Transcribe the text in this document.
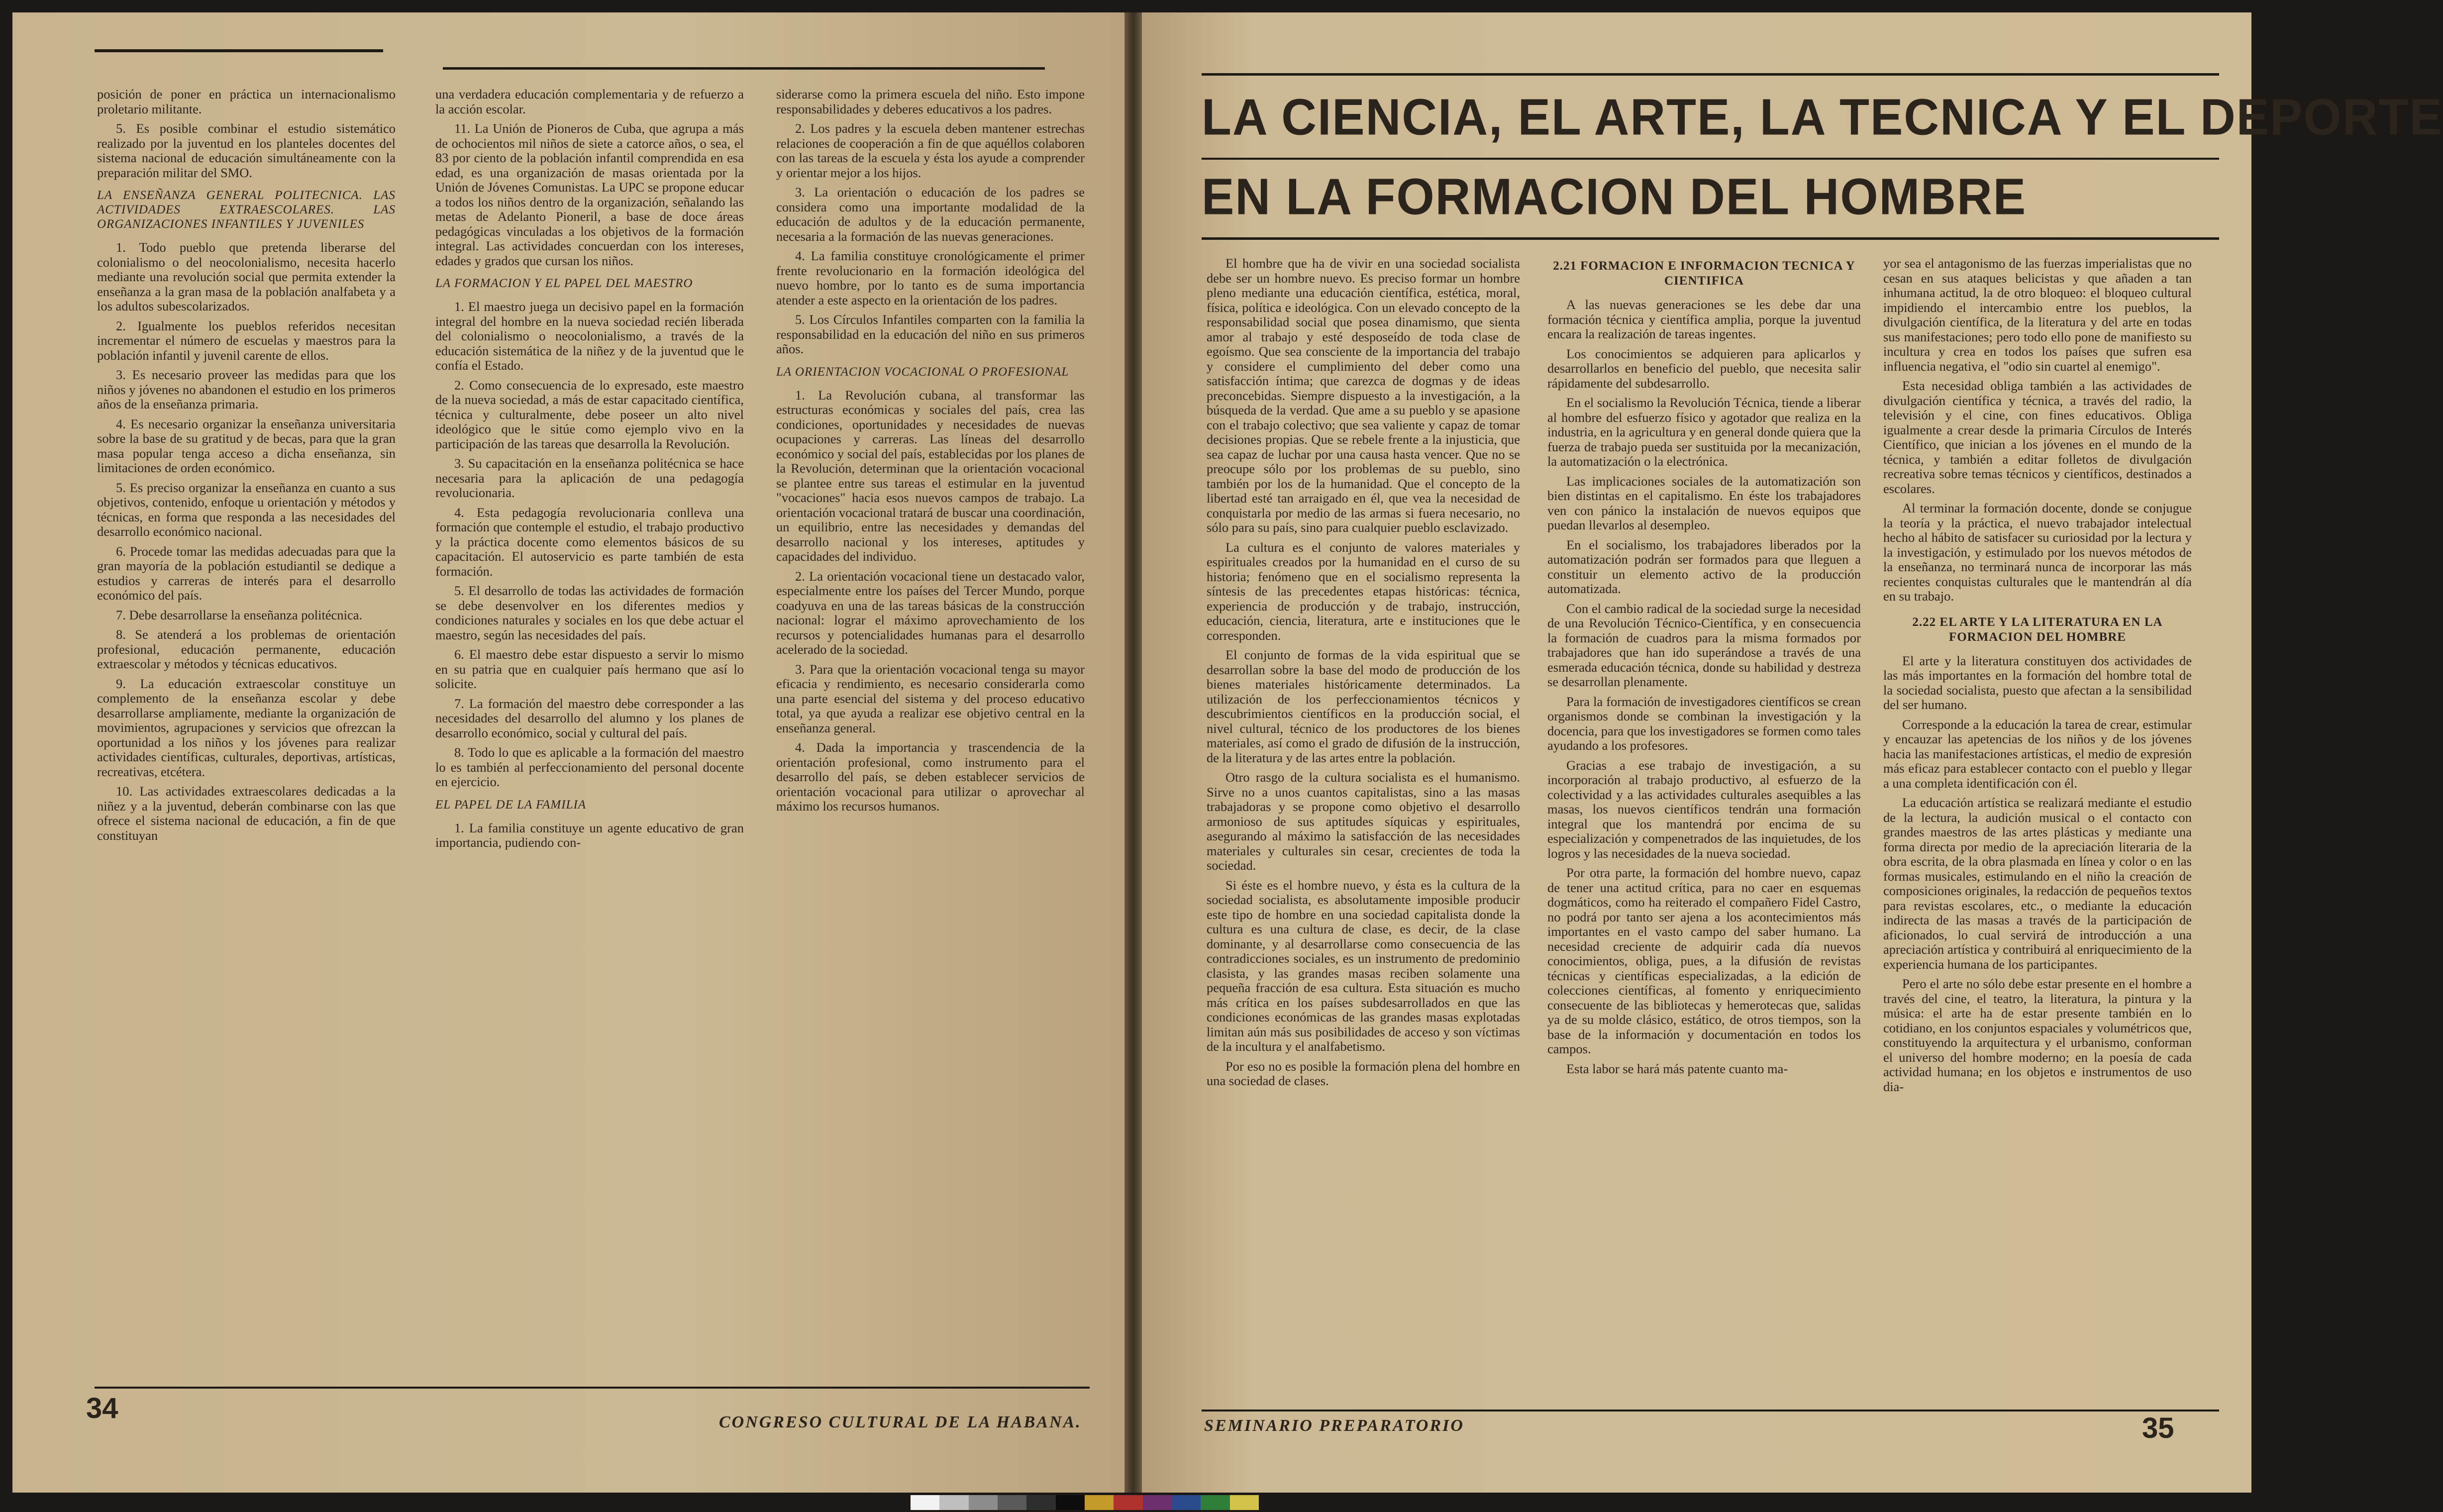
posición de poner en práctica un internacionalismo proletario militante.

5. Es posible combinar el estudio sistemático realizado por la juventud en los planteles docentes del sistema nacional de educación simultáneamente con la preparación militar del SMO.

LA ENSEÑANZA GENERAL POLITECNICA. LAS ACTIVIDADES EXTRAESCOLARES. LAS ORGANIZACIONES INFANTILES Y JUVENILES

1. Todo pueblo que pretenda liberarse del colonialismo o del neocolonialismo, necesita hacerlo mediante una revolución social que permita extender la enseñanza a la gran masa de la población analfabeta y a los adultos subescolarizados.

2. Igualmente los pueblos referidos necesitan incrementar el número de escuelas y maestros para la población infantil y juvenil carente de ellos.

3. Es necesario proveer las medidas para que los niños y jóvenes no abandonen el estudio en los primeros años de la enseñanza primaria.

4. Es necesario organizar la enseñanza universitaria sobre la base de su gratitud y de becas, para que la gran masa popular tenga acceso a dicha enseñanza, sin limitaciones de orden económico.

5. Es preciso organizar la enseñanza en cuanto a sus objetivos, contenido, enfoque u orientación y métodos y técnicas, en forma que responda a las necesidades del desarrollo económico nacional.

6. Procede tomar las medidas adecuadas para que la gran mayoría de la población estudiantil se dedique a estudios y carreras de interés para el desarrollo económico del país.

7. Debe desarrollarse la enseñanza politécnica.

8. Se atenderá a los problemas de orientación profesional, educación permanente, educación extraescolar y métodos y técnicas educativos.

9. La educación extraescolar constituye un complemento de la enseñanza escolar y debe desarrollarse ampliamente, mediante la organización de movimientos, agrupaciones y servicios que ofrezcan la oportunidad a los niños y los jóvenes para realizar actividades científicas, culturales, deportivas, artísticas, recreativas, etcétera.

10. Las actividades extraescolares dedicadas a la niñez y a la juventud, deberán combinarse con las que ofrece el sistema nacional de educación, a fin de que constituyan

una verdadera educación complementaria y de refuerzo a la acción escolar.

11. La Unión de Pioneros de Cuba, que agrupa a más de ochocientos mil niños de siete a catorce años, o sea, el 83 por ciento de la población infantil comprendida en esa edad, es una organización de masas orientada por la Unión de Jóvenes Comunistas. La UPC se propone educar a todos los niños dentro de la organización, señalando las metas de Adelanto Pioneril, a base de doce áreas pedagógicas vinculadas a los objetivos de la formación integral. Las actividades concuerdan con los intereses, edades y grados que cursan los niños.

LA FORMACION Y EL PAPEL DEL MAESTRO

1. El maestro juega un decisivo papel en la formación integral del hombre en la nueva sociedad recién liberada del colonialismo o neocolonialismo, a través de la educación sistemática de la niñez y de la juventud que le confía el Estado.

2. Como consecuencia de lo expresado, este maestro de la nueva sociedad, a más de estar capacitado científica, técnica y culturalmente, debe poseer un alto nivel ideológico que le sitúe como ejemplo vivo en la participación de las tareas que desarrolla la Revolución.

3. Su capacitación en la enseñanza politécnica se hace necesaria para la aplicación de una pedagogía revolucionaria.

4. Esta pedagogía revolucionaria conlleva una formación que contemple el estudio, el trabajo productivo y la práctica docente como elementos básicos de su capacitación. El autoservicio es parte también de esta formación.

5. El desarrollo de todas las actividades de formación se debe desenvolver en los diferentes medios y condiciones naturales y sociales en los que debe actuar el maestro, según las necesidades del país.

6. El maestro debe estar dispuesto a servir lo mismo en su patria que en cualquier país hermano que así lo solicite.

7. La formación del maestro debe corresponder a las necesidades del desarrollo del alumno y los planes de desarrollo económico, social y cultural del país.

8. Todo lo que es aplicable a la formación del maestro lo es también al perfeccionamiento del personal docente en ejercicio.

EL PAPEL DE LA FAMILIA

1. La familia constituye un agente educativo de gran importancia, pudiendo con-

siderarse como la primera escuela del niño. Esto impone responsabilidades y deberes educativos a los padres.

2. Los padres y la escuela deben mantener estrechas relaciones de cooperación a fin de que aquéllos colaboren con las tareas de la escuela y ésta los ayude a comprender y orientar mejor a los hijos.

3. La orientación o educación de los padres se considera como una importante modalidad de la educación de adultos y de la educación permanente, necesaria a la formación de las nuevas generaciones.

4. La familia constituye cronológicamente el primer frente revolucionario en la formación ideológica del nuevo hombre, por lo tanto es de suma importancia atender a este aspecto en la orientación de los padres.

5. Los Círculos Infantiles comparten con la familia la responsabilidad en la educación del niño en sus primeros años.

LA ORIENTACION VOCACIONAL O PROFESIONAL

1. La Revolución cubana, al transformar las estructuras económicas y sociales del país, crea las condiciones, oportunidades y necesidades de nuevas ocupaciones y carreras. Las líneas del desarrollo económico y social del país, establecidas por los planes de la Revolución, determinan que la orientación vocacional se plantee entre sus tareas el estimular en la juventud "vocaciones" hacia esos nuevos campos de trabajo. La orientación vocacional tratará de buscar una coordinación, un equilibrio, entre las necesidades y demandas del desarrollo nacional y los intereses, aptitudes y capacidades del individuo.

2. La orientación vocacional tiene un destacado valor, especialmente entre los países del Tercer Mundo, porque coadyuva en una de las tareas básicas de la construcción nacional: lograr el máximo aprovechamiento de los recursos y potencialidades humanas para el desarrollo acelerado de la sociedad.

3. Para que la orientación vocacional tenga su mayor eficacia y rendimiento, es necesario considerarla como una parte esencial del sistema y del proceso educativo total, ya que ayuda a realizar ese objetivo central en la enseñanza general.

4. Dada la importancia y trascendencia de la orientación profesional, como instrumento para el desarrollo del país, se deben establecer servicios de orientación vocacional para utilizar o aprovechar al máximo los recursos humanos.

34	CONGRESO CULTURAL DE LA HABANA.
LA CIENCIA, EL ARTE, LA TECNICA Y EL DEPORTE
EN LA FORMACION DEL HOMBRE

El hombre que ha de vivir en una sociedad socialista debe ser un hombre nuevo. Es preciso formar un hombre pleno mediante una educación científica, estética, moral, física, política e ideológica. Con un elevado concepto de la responsabilidad social que posea dinamismo, que sienta amor al trabajo y esté desposeído de toda clase de egoísmo. Que sea consciente de la importancia del trabajo y considere el cumplimiento del deber como una satisfacción íntima; que carezca de dogmas y de ideas preconcebidas. Siempre dispuesto a la investigación, a la búsqueda de la verdad. Que ame a su pueblo y se apasione con el trabajo colectivo; que sea valiente y capaz de tomar decisiones propias. Que se rebele frente a la injusticia, que sea capaz de luchar por una causa hasta vencer. Que no se preocupe sólo por los problemas de su pueblo, sino también por los de la humanidad. Que el concepto de la libertad esté tan arraigado en él, que vea la necesidad de conquistarla por medio de las armas si fuera necesario, no sólo para su país, sino para cualquier pueblo esclavizado.

La cultura es el conjunto de valores materiales y espirituales creados por la humanidad en el curso de su historia; fenómeno que en el socialismo representa la síntesis de las precedentes etapas históricas: técnica, experiencia de producción y de trabajo, instrucción, educación, ciencia, literatura, arte e instituciones que le corresponden.

El conjunto de formas de la vida espiritual que se desarrollan sobre la base del modo de producción de los bienes materiales históricamente determinados. La utilización de los perfeccionamientos técnicos y descubrimientos científicos en la producción social, el nivel cultural, técnico de los productores de los bienes materiales, así como el grado de difusión de la instrucción, de la literatura y de las artes entre la población.

Otro rasgo de la cultura socialista es el humanismo. Sirve no a unos cuantos capitalistas, sino a las masas trabajadoras y se propone como objetivo el desarrollo armonioso de sus aptitudes síquicas y espirituales, asegurando al máximo la satisfacción de las necesidades materiales y culturales sin cesar, crecientes de toda la sociedad.

Si éste es el hombre nuevo, y ésta es la cultura de la sociedad socialista, es absolutamente imposible producir este tipo de hombre en una sociedad capitalista donde la cultura es una cultura de clase, es decir, de la clase dominante, y al desarrollarse como consecuencia de las contradicciones sociales, es un instrumento de predominio clasista, y las grandes masas reciben solamente una pequeña fracción de esa cultura. Esta situación es mucho más crítica en los países subdesarrollados en que las condiciones económicas de las grandes masas explotadas limitan aún más sus posibilidades de acceso y son víctimas de la incultura y el analfabetismo.

Por eso no es posible la formación plena del hombre en una sociedad de clases.

2.21 FORMACION E INFORMACION TECNICA Y CIENTIFICA

A las nuevas generaciones se les debe dar una formación técnica y científica amplia, porque la juventud encara la realización de tareas ingentes.

Los conocimientos se adquieren para aplicarlos y desarrollarlos en beneficio del pueblo, que necesita salir rápidamente del subdesarrollo.

En el socialismo la Revolución Técnica, tiende a liberar al hombre del esfuerzo físico y agotador que realiza en la industria, en la agricultura y en general donde quiera que la fuerza de trabajo pueda ser sustituida por la mecanización, la automatización o la electrónica.

Las implicaciones sociales de la automatización son bien distintas en el capitalismo. En éste los trabajadores ven con pánico la instalación de nuevos equipos que puedan llevarlos al desempleo.

En el socialismo, los trabajadores liberados por la automatización podrán ser formados para que lleguen a constituir un elemento activo de la producción automatizada.

Con el cambio radical de la sociedad surge la necesidad de una Revolución Técnico-Científica, y en consecuencia la formación de cuadros para la misma formados por trabajadores que han ido superándose a través de una esmerada educación técnica, donde su habilidad y destreza se desarrollan plenamente.

Para la formación de investigadores científicos se crean organismos donde se combinan la investigación y la docencia, para que los investigadores se formen como tales ayudando a los profesores.

Gracias a ese trabajo de investigación, a su incorporación al trabajo productivo, al esfuerzo de la colectividad y a las actividades culturales asequibles a las masas, los nuevos científicos tendrán una formación integral que los mantendrá por encima de su especialización y compenetrados de las inquietudes, de los logros y las necesidades de la nueva sociedad.

Por otra parte, la formación del hombre nuevo, capaz de tener una actitud crítica, para no caer en esquemas dogmáticos, como ha reiterado el compañero Fidel Castro, no podrá por tanto ser ajena a los acontecimientos más importantes en el vasto campo del saber humano. La necesidad creciente de adquirir cada día nuevos conocimientos, obliga, pues, a la difusión de revistas técnicas y científicas especializadas, a la edición de colecciones científicas, al fomento y enriquecimiento consecuente de las bibliotecas y hemerotecas que, salidas ya de su molde clásico, estático, de otros tiempos, son la base de la información y documentación en todos los campos.

Esta labor se hará más patente cuanto ma-

yor sea el antagonismo de las fuerzas imperialistas que no cesan en sus ataques belicistas y que añaden a tan inhumana actitud, la de otro bloqueo: el bloqueo cultural impidiendo el intercambio entre los pueblos, la divulgación científica, de la literatura y del arte en todas sus manifestaciones; pero todo ello pone de manifiesto su incultura y crea en todos los países que sufren esa influencia negativa, el "odio sin cuartel al enemigo".

Esta necesidad obliga también a las actividades de divulgación científica y técnica, a través del radio, la televisión y el cine, con fines educativos. Obliga igualmente a crear desde la primaria Círculos de Interés Científico, que inician a los jóvenes en el mundo de la técnica, y también a editar folletos de divulgación recreativa sobre temas técnicos y científicos, destinados a escolares.

Al terminar la formación docente, donde se conjugue la teoría y la práctica, el nuevo trabajador intelectual hecho al hábito de satisfacer su curiosidad por la lectura y la investigación, y estimulado por los nuevos métodos de la enseñanza, no terminará nunca de incorporar las más recientes conquistas culturales que le mantendrán al día en su trabajo.

2.22 EL ARTE Y LA LITERATURA EN LA FORMACION DEL HOMBRE

El arte y la literatura constituyen dos actividades de las más importantes en la formación del hombre total de la sociedad socialista, puesto que afectan a la sensibilidad del ser humano.

Corresponde a la educación la tarea de crear, estimular y encauzar las apetencias de los niños y de los jóvenes hacia las manifestaciones artísticas, el medio de expresión más eficaz para establecer contacto con el pueblo y llegar a una completa identificación con él.

La educación artística se realizará mediante el estudio de la lectura, la audición musical o el contacto con grandes maestros de las artes plásticas y mediante una forma directa por medio de la apreciación literaria de la obra escrita, de la obra plasmada en línea y color o en las formas musicales, estimulando en el niño la creación de composiciones originales, la redacción de pequeños textos para revistas escolares, etc., o mediante la educación indirecta de las masas a través de la participación de aficionados, lo cual servirá de introducción a una apreciación artística y contribuirá al enriquecimiento de la experiencia humana de los participantes.

Pero el arte no sólo debe estar presente en el hombre a través del cine, el teatro, la literatura, la pintura y la música: el arte ha de estar presente también en lo cotidiano, en los conjuntos espaciales y volumétricos que, constituyendo la arquitectura y el urbanismo, conforman el universo del hombre moderno; en la poesía de cada actividad humana; en los objetos e instrumentos de uso dia-

SEMINARIO PREPARATORIO	35
